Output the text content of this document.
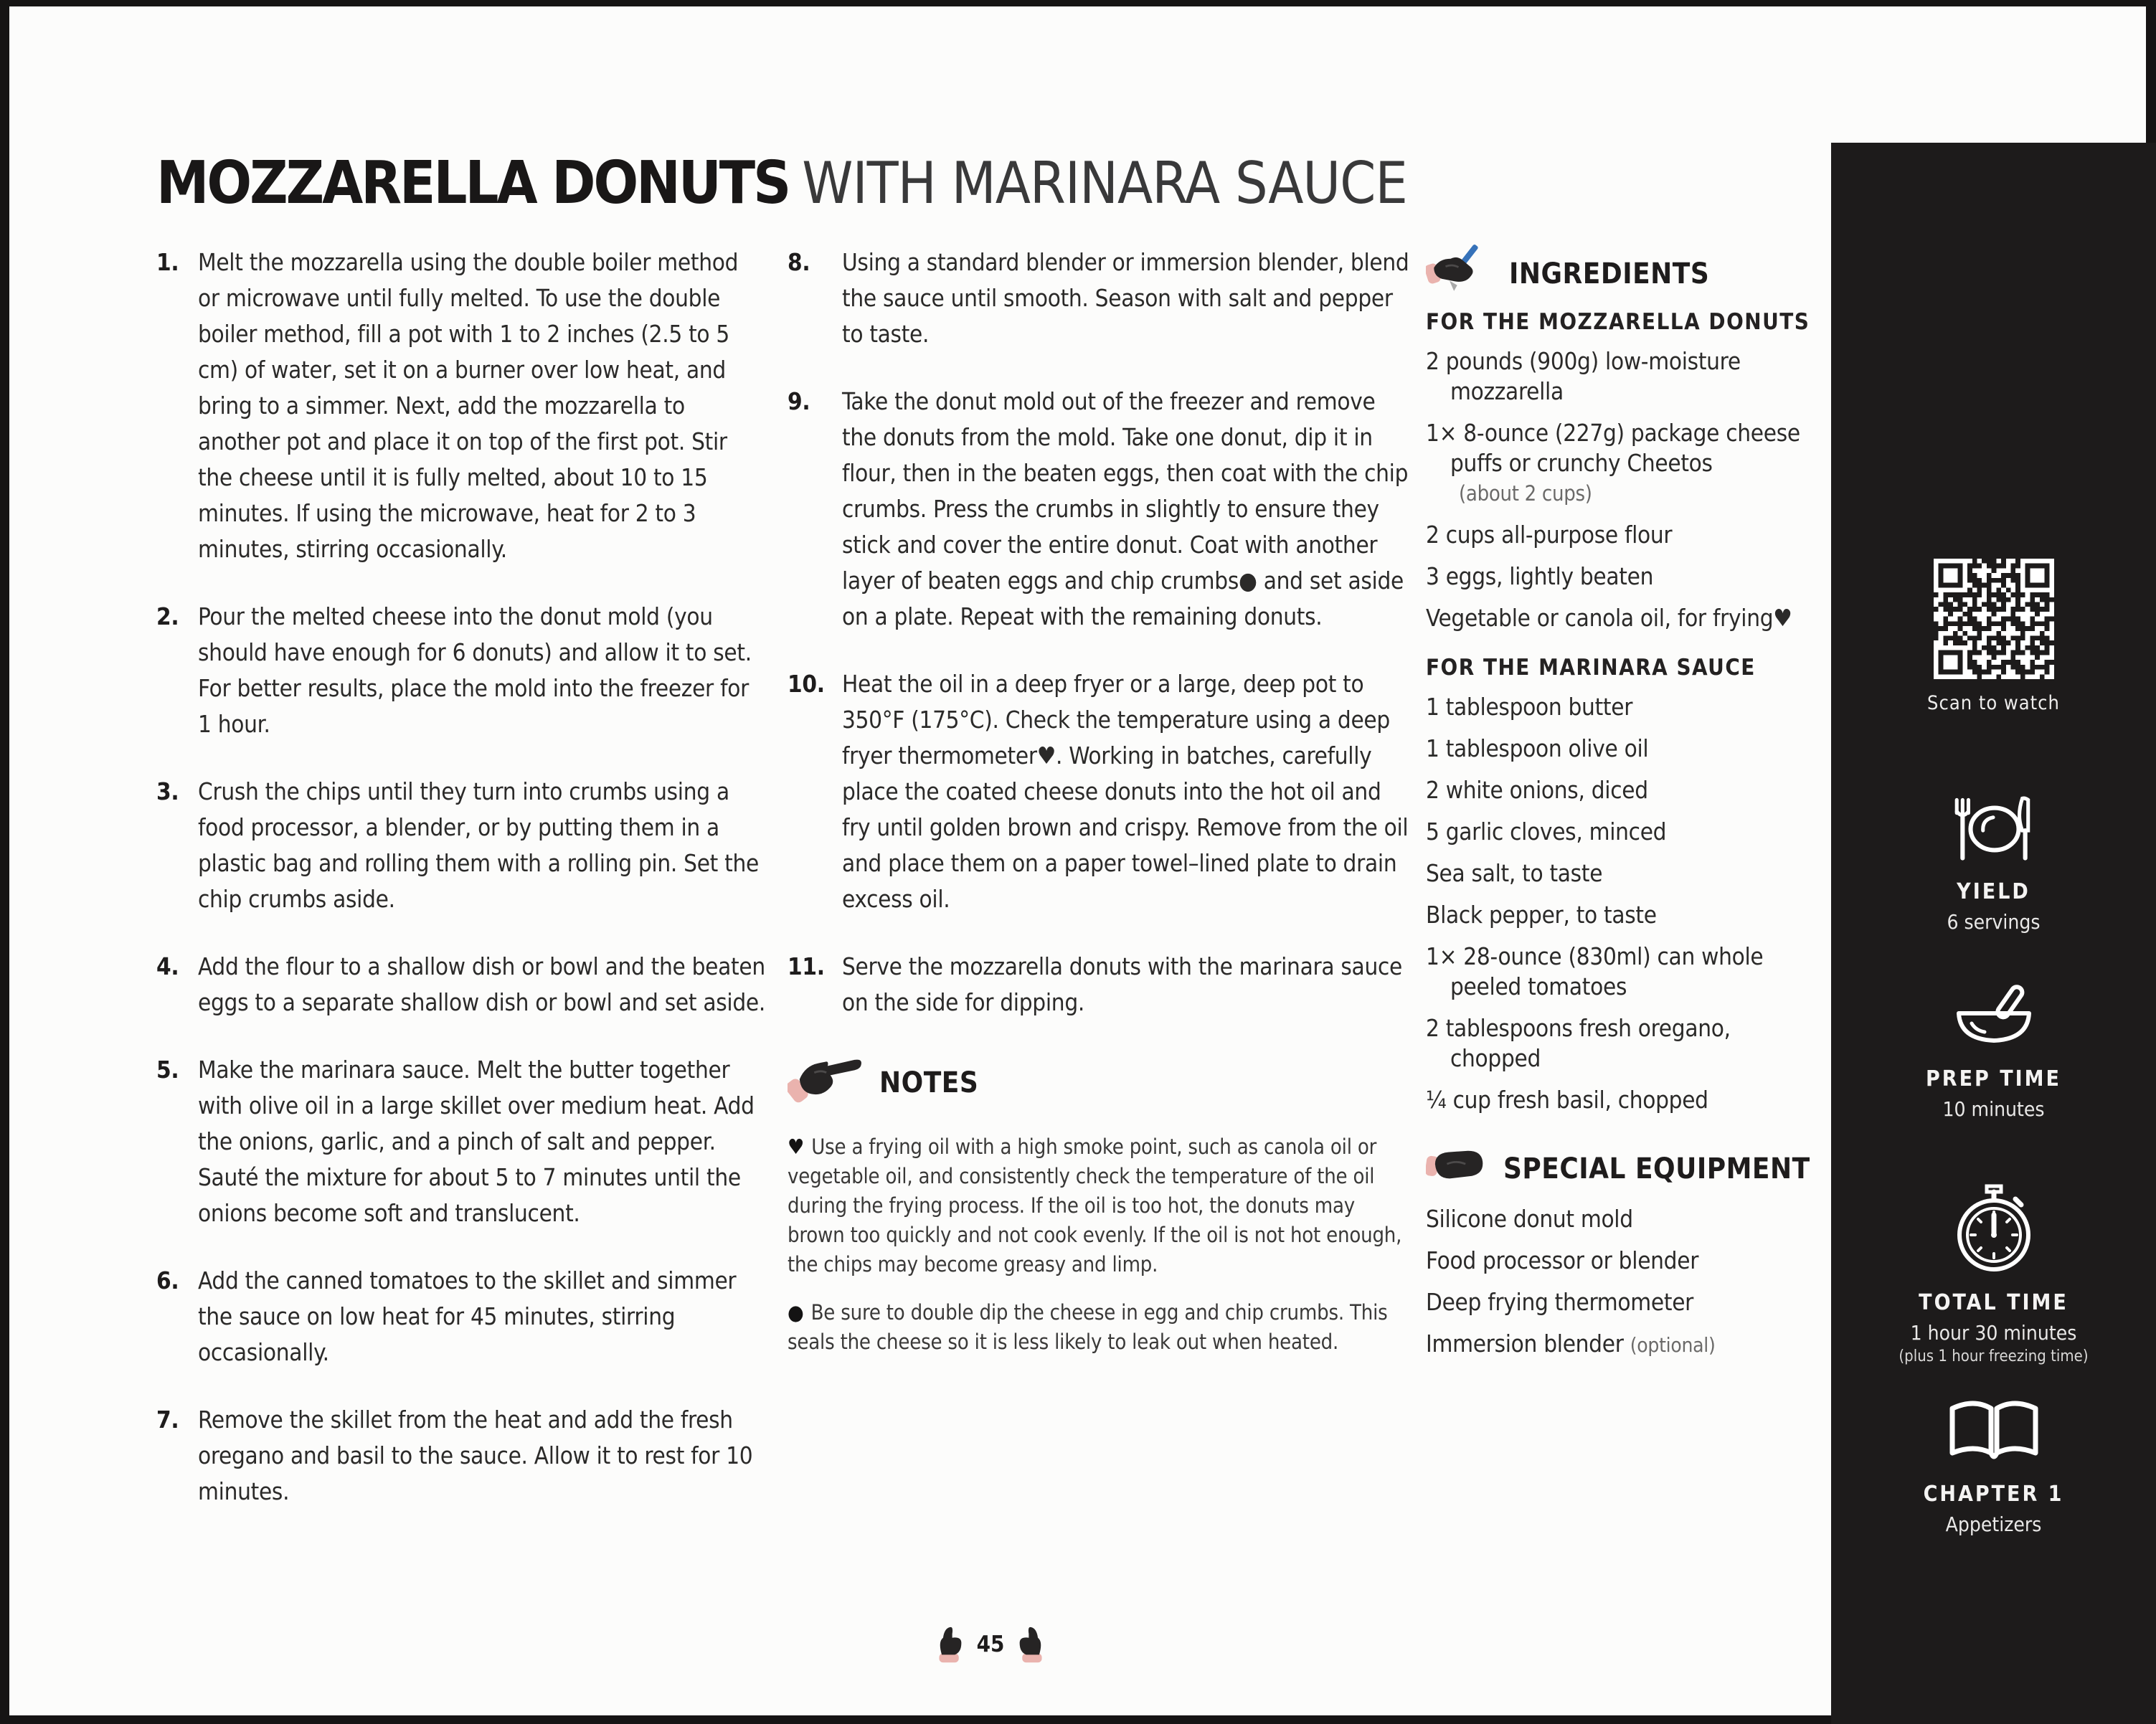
MOZZARELLA DONUTS WITH MARINARA SAUCE
1. Melt the mozzarella using the double boiler method or microwave until fully melted. To use the double boiler method, fill a pot with 1 to 2 inches (2.5 to 5 cm) of water, set it on a burner over low heat, and bring to a simmer. Next, add the mozzarella to another pot and place it on top of the first pot. Stir the cheese until it is fully melted, about 10 to 15 minutes. If using the microwave, heat for 2 to 3 minutes, stirring occasionally.
2. Pour the melted cheese into the donut mold (you should have enough for 6 donuts) and allow it to set. For better results, place the mold into the freezer for 1 hour.
3. Crush the chips until they turn into crumbs using a food processor, a blender, or by putting them in a plastic bag and rolling them with a rolling pin. Set the chip crumbs aside.
4. Add the flour to a shallow dish or bowl and the beaten eggs to a separate shallow dish or bowl and set aside.
5. Make the marinara sauce. Melt the butter together with olive oil in a large skillet over medium heat. Add the onions, garlic, and a pinch of salt and pepper. Sauté the mixture for about 5 to 7 minutes until the onions become soft and translucent.
6. Add the canned tomatoes to the skillet and simmer the sauce on low heat for 45 minutes, stirring occasionally.
7. Remove the skillet from the heat and add the fresh oregano and basil to the sauce. Allow it to rest for 10 minutes.
8.	Using a standard blender or immersion blender, blend the sauce until smooth. Season with salt and pepper to taste.
9.	Take the donut mold out of the freezer and remove the donuts from the mold. Take one donut, dip it in flour, then in the beaten eggs, then coat with the chip crumbs. Press the crumbs in slightly to ensure they stick and cover the entire donut. Coat with another layer of beaten eggs and chip crumbs● and set aside on a plate. Repeat with the remaining donuts.
10. Heat the oil in a deep fryer or a large, deep pot to 350°F (175°C). Check the temperature using a deep fryer thermometer♥. Working in batches, carefully place the coated cheese donuts into the hot oil and fry until golden brown and crispy. Remove from the oil and place them on a paper towel–lined plate to drain excess oil.
11. Serve the mozzarella donuts with the marinara sauce on the side for dipping.
NOTES

♥ Use a frying oil with a high smoke point, such as canola oil or vegetable oil, and consistently check the temperature of the oil during the frying process. If the oil is too hot, the donuts may brown too quickly and not cook evenly. If the oil is not hot enough, the chips may become greasy and limp.

● Be sure to double dip the cheese in egg and chip crumbs. This seals the cheese so it is less likely to leak out when heated.

INGREDIENTS
FOR THE MOZZARELLA DONUTS
2 pounds (900g) low-moisture mozzarella
1× 8-ounce (227g) package cheese puffs or crunchy Cheetos
(about 2 cups)
2 cups all-purpose flour
3 eggs, lightly beaten
Vegetable or canola oil, for frying♥
FOR THE MARINARA SAUCE
1 tablespoon butter
1 tablespoon olive oil
2 white onions, diced
5 garlic cloves, minced
Sea salt, to taste
Black pepper, to taste
1× 28-ounce (830ml) can whole peeled tomatoes
2 tablespoons fresh oregano, chopped
¼ cup fresh basil, chopped
SPECIAL EQUIPMENT
Silicone donut mold
Food processor or blender
Deep frying thermometer
Immersion blender (optional)
45
Scan to watch
YIELD
6 servings
PREP TIME
10 minutes
TOTAL TIME
1 hour 30 minutes
(plus 1 hour freezing time)
CHAPTER 1
Appetizers
